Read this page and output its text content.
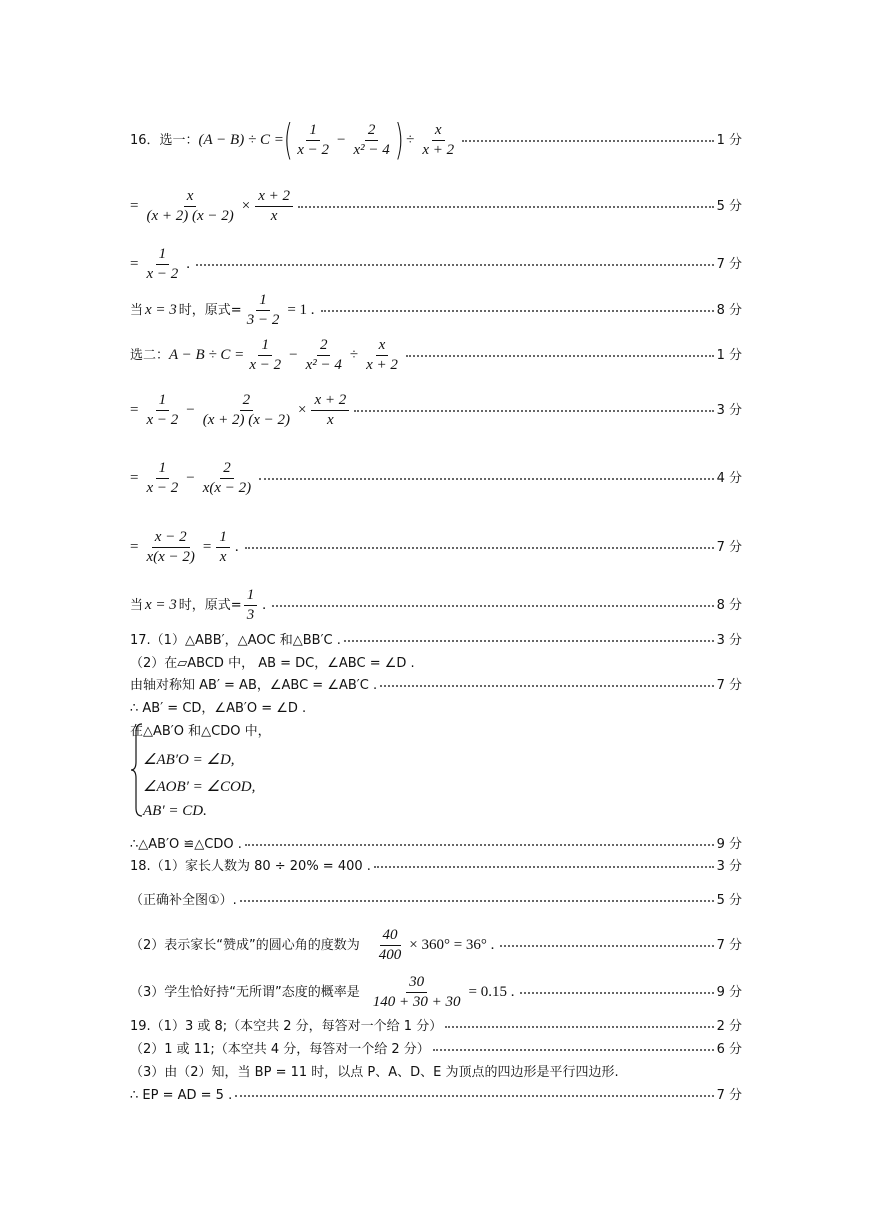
16．选一： (A − B) ÷ C = ( $\frac{1}{x - 2} - \frac{2}{\text{x² − 4}}$ ) ÷ $\frac{x}{x + 2}$	1 分
= $\frac{x}{(x + 2) (x - 2)} \times \frac{x + 2}{x}$	5 分
= $\frac{1}{x - 2}$ .	7 分
当 x = 3 时，原式= $\frac{1}{3 - 2} = 1$ .	8 分
选二： $A - B \div C = \frac{1}{x - 2} - \frac{2}{\text{x² − 4}} \div \frac{x}{x + 2}$	1 分
= $\frac{1}{x - 2} - \frac{2}{(x + 2) (x - 2)} \times \frac{x + 2}{x}$	3 分
= $\frac{1}{x - 2} - \frac{2}{x(x - 2)}$	4 分
= $\frac{x - 2}{x(x - 2)} = \frac{1}{x}$ .	7 分
当 x = 3 时，原式= $\frac{1}{3}$ .	8 分
17.（1）△ABB′，△AOC 和△BB′C .	3 分
（2）在▱ABCD 中， AB = DC，∠ABC = ∠D .
由轴对称知 AB′ = AB，∠ABC = ∠AB′C .	7 分
∴ AB′ = CD，∠AB′O = ∠D .
在△AB′O 和△CDO 中，
∠AB′O = ∠D,
∠AOB′ = ∠COD,
AB′ = CD.
∴△AB′O ≌△CDO .	9 分
18.（1）家长人数为 80 ÷ 20% = 400 .	3 分
（正确补全图①）.	5 分
（2）表示家长“赞成”的圆心角的度数为 $\frac{40}{400} \times 360^\circ = 36^\circ$ .	7 分
（3）学生恰好持“无所谓”态度的概率是 $\frac{30}{140 + 30 + 30} = 0.15$ .	9 分
19.（1）3 或 8;（本空共 2 分，每答对一个给 1 分）	2 分
（2）1 或 11;（本空共 4 分，每答对一个给 2 分）	6 分
（3）由（2）知，当 BP = 11 时，以点 P、A、D、E 为顶点的四边形是平行四边形.
∴ EP = AD = 5 .	7 分
